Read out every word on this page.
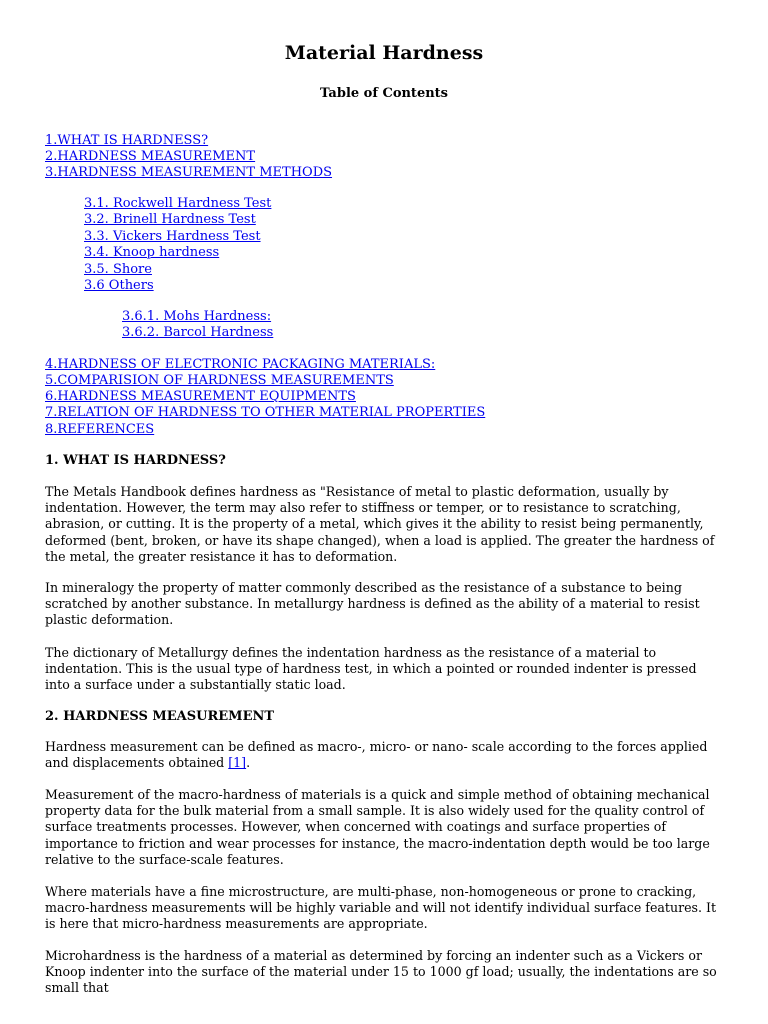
Material Hardness
Table of Contents
1.WHAT IS HARDNESS?
2.HARDNESS MEASUREMENT
3.HARDNESS MEASUREMENT METHODS
3.1. Rockwell Hardness Test
3.2. Brinell Hardness Test
3.3. Vickers Hardness Test
3.4. Knoop hardness
3.5. Shore
3.6 Others
3.6.1. Mohs Hardness:
3.6.2. Barcol Hardness
4.HARDNESS OF ELECTRONIC PACKAGING MATERIALS:
5.COMPARISION OF HARDNESS MEASUREMENTS
6.HARDNESS MEASUREMENT EQUIPMENTS
7.RELATION OF HARDNESS TO OTHER MATERIAL PROPERTIES
8.REFERENCES
1. WHAT IS HARDNESS?

The Metals Handbook defines hardness as "Resistance of metal to plastic deformation, usually by indentation. However, the term may also refer to stiffness or temper, or to resistance to scratching, abrasion, or cutting. It is the property of a metal, which gives it the ability to resist being permanently, deformed (bent, broken, or have its shape changed), when a load is applied. The greater the hardness of the metal, the greater resistance it has to deformation.

In mineralogy the property of matter commonly described as the resistance of a substance to being scratched by another substance. In metallurgy hardness is defined as the ability of a material to resist plastic deformation.

The dictionary of Metallurgy defines the indentation hardness as the resistance of a material to indentation. This is the usual type of hardness test, in which a pointed or rounded indenter is pressed into a surface under a substantially static load.

2. HARDNESS MEASUREMENT

Hardness measurement can be defined as macro-, micro- or nano- scale according to the forces applied and displacements obtained [1].

Measurement of the macro-hardness of materials is a quick and simple method of obtaining mechanical property data for the bulk material from a small sample. It is also widely used for the quality control of surface treatments processes. However, when concerned with coatings and surface properties of importance to friction and wear processes for instance, the macro-indentation depth would be too large relative to the surface-scale features.

Where materials have a fine microstructure, are multi-phase, non-homogeneous or prone to cracking, macro-hardness measurements will be highly variable and will not identify individual surface features. It is here that micro-hardness measurements are appropriate.

Microhardness is the hardness of a material as determined by forcing an indenter such as a Vickers or Knoop indenter into the surface of the material under 15 to 1000 gf load; usually, the indentations are so small that
